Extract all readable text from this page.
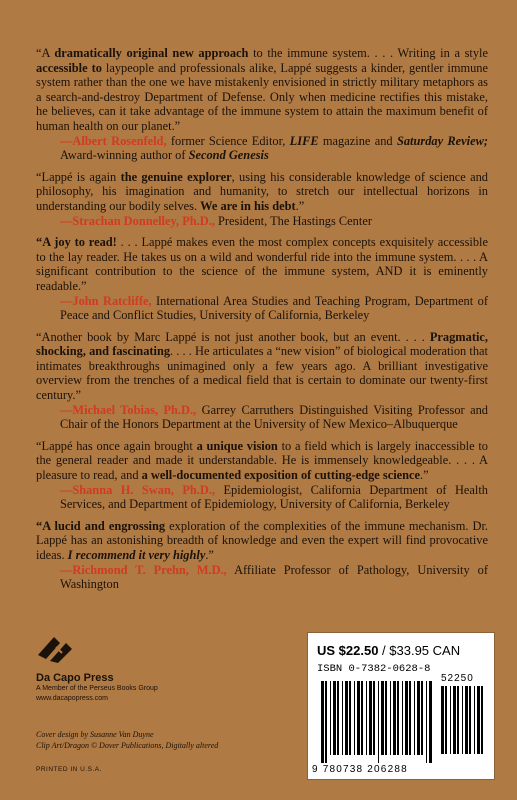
“A dramatically original new approach to the immune system. . . . Writing in a style accessible to laypeople and professionals alike, Lappé suggests a kinder, gentler immune system rather than the one we have mistakenly envisioned in strictly military metaphors as a search-and-destroy Department of Defense. Only when medicine rectifies this mistake, he believes, can it take advantage of the immune system to attain the maximum benefit of human health on our planet.”

—Albert Rosenfeld, former Science Editor, LIFE magazine and Saturday Review; Award-winning author of Second Genesis

“Lappé is again the genuine explorer, using his considerable knowledge of science and philosophy, his imagination and humanity, to stretch our intellectual horizons in understanding our bodily selves. We are in his debt.”

—Strachan Donnelley, Ph.D., President, The Hastings Center

“A joy to read! . . . Lappé makes even the most complex concepts exquisitely accessible to the lay reader. He takes us on a wild and wonderful ride into the immune system. . . . A significant contribution to the science of the immune system, AND it is eminently readable.”

—John Ratcliffe, International Area Studies and Teaching Program, Department of Peace and Conflict Studies, University of California, Berkeley

“Another book by Marc Lappé is not just another book, but an event. . . . Pragmatic, shocking, and fascinating. . . . He articulates a “new vision” of biological moderation that intimates breakthroughs unimagined only a few years ago. A brilliant investigative overview from the trenches of a medical field that is certain to dominate our twenty-first century.”

—Michael Tobias, Ph.D., Garrey Carruthers Distinguished Visiting Professor and Chair of the Honors Department at the University of New Mexico–Albuquerque

“Lappé has once again brought a unique vision to a field which is largely inaccessible to the general reader and made it understandable. He is immensely knowledgeable. . . . A pleasure to read, and a well-documented exposition of cutting-edge science.”

—Shanna H. Swan, Ph.D., Epidemiologist, California Department of Health Services, and Department of Epidemiology, University of California, Berkeley

“A lucid and engrossing exploration of the complexities of the immune mechanism. Dr. Lappé has an astonishing breadth of knowledge and even the expert will find provocative ideas. I recommend it very highly.”

—Richmond T. Prehn, M.D., Affiliate Professor of Pathology, University of Washington

Da Capo Press
A Member of the Perseus Books Group
www.dacapopress.com
Cover design by Susanne Van Duyne
Clip Art/Dragon © Dover Publications, Digitally altered
PRINTED IN U.S.A.
US $22.50 / $33.95 CAN
ISBN 0-7382-0628-8
52250
9 780738 206288
